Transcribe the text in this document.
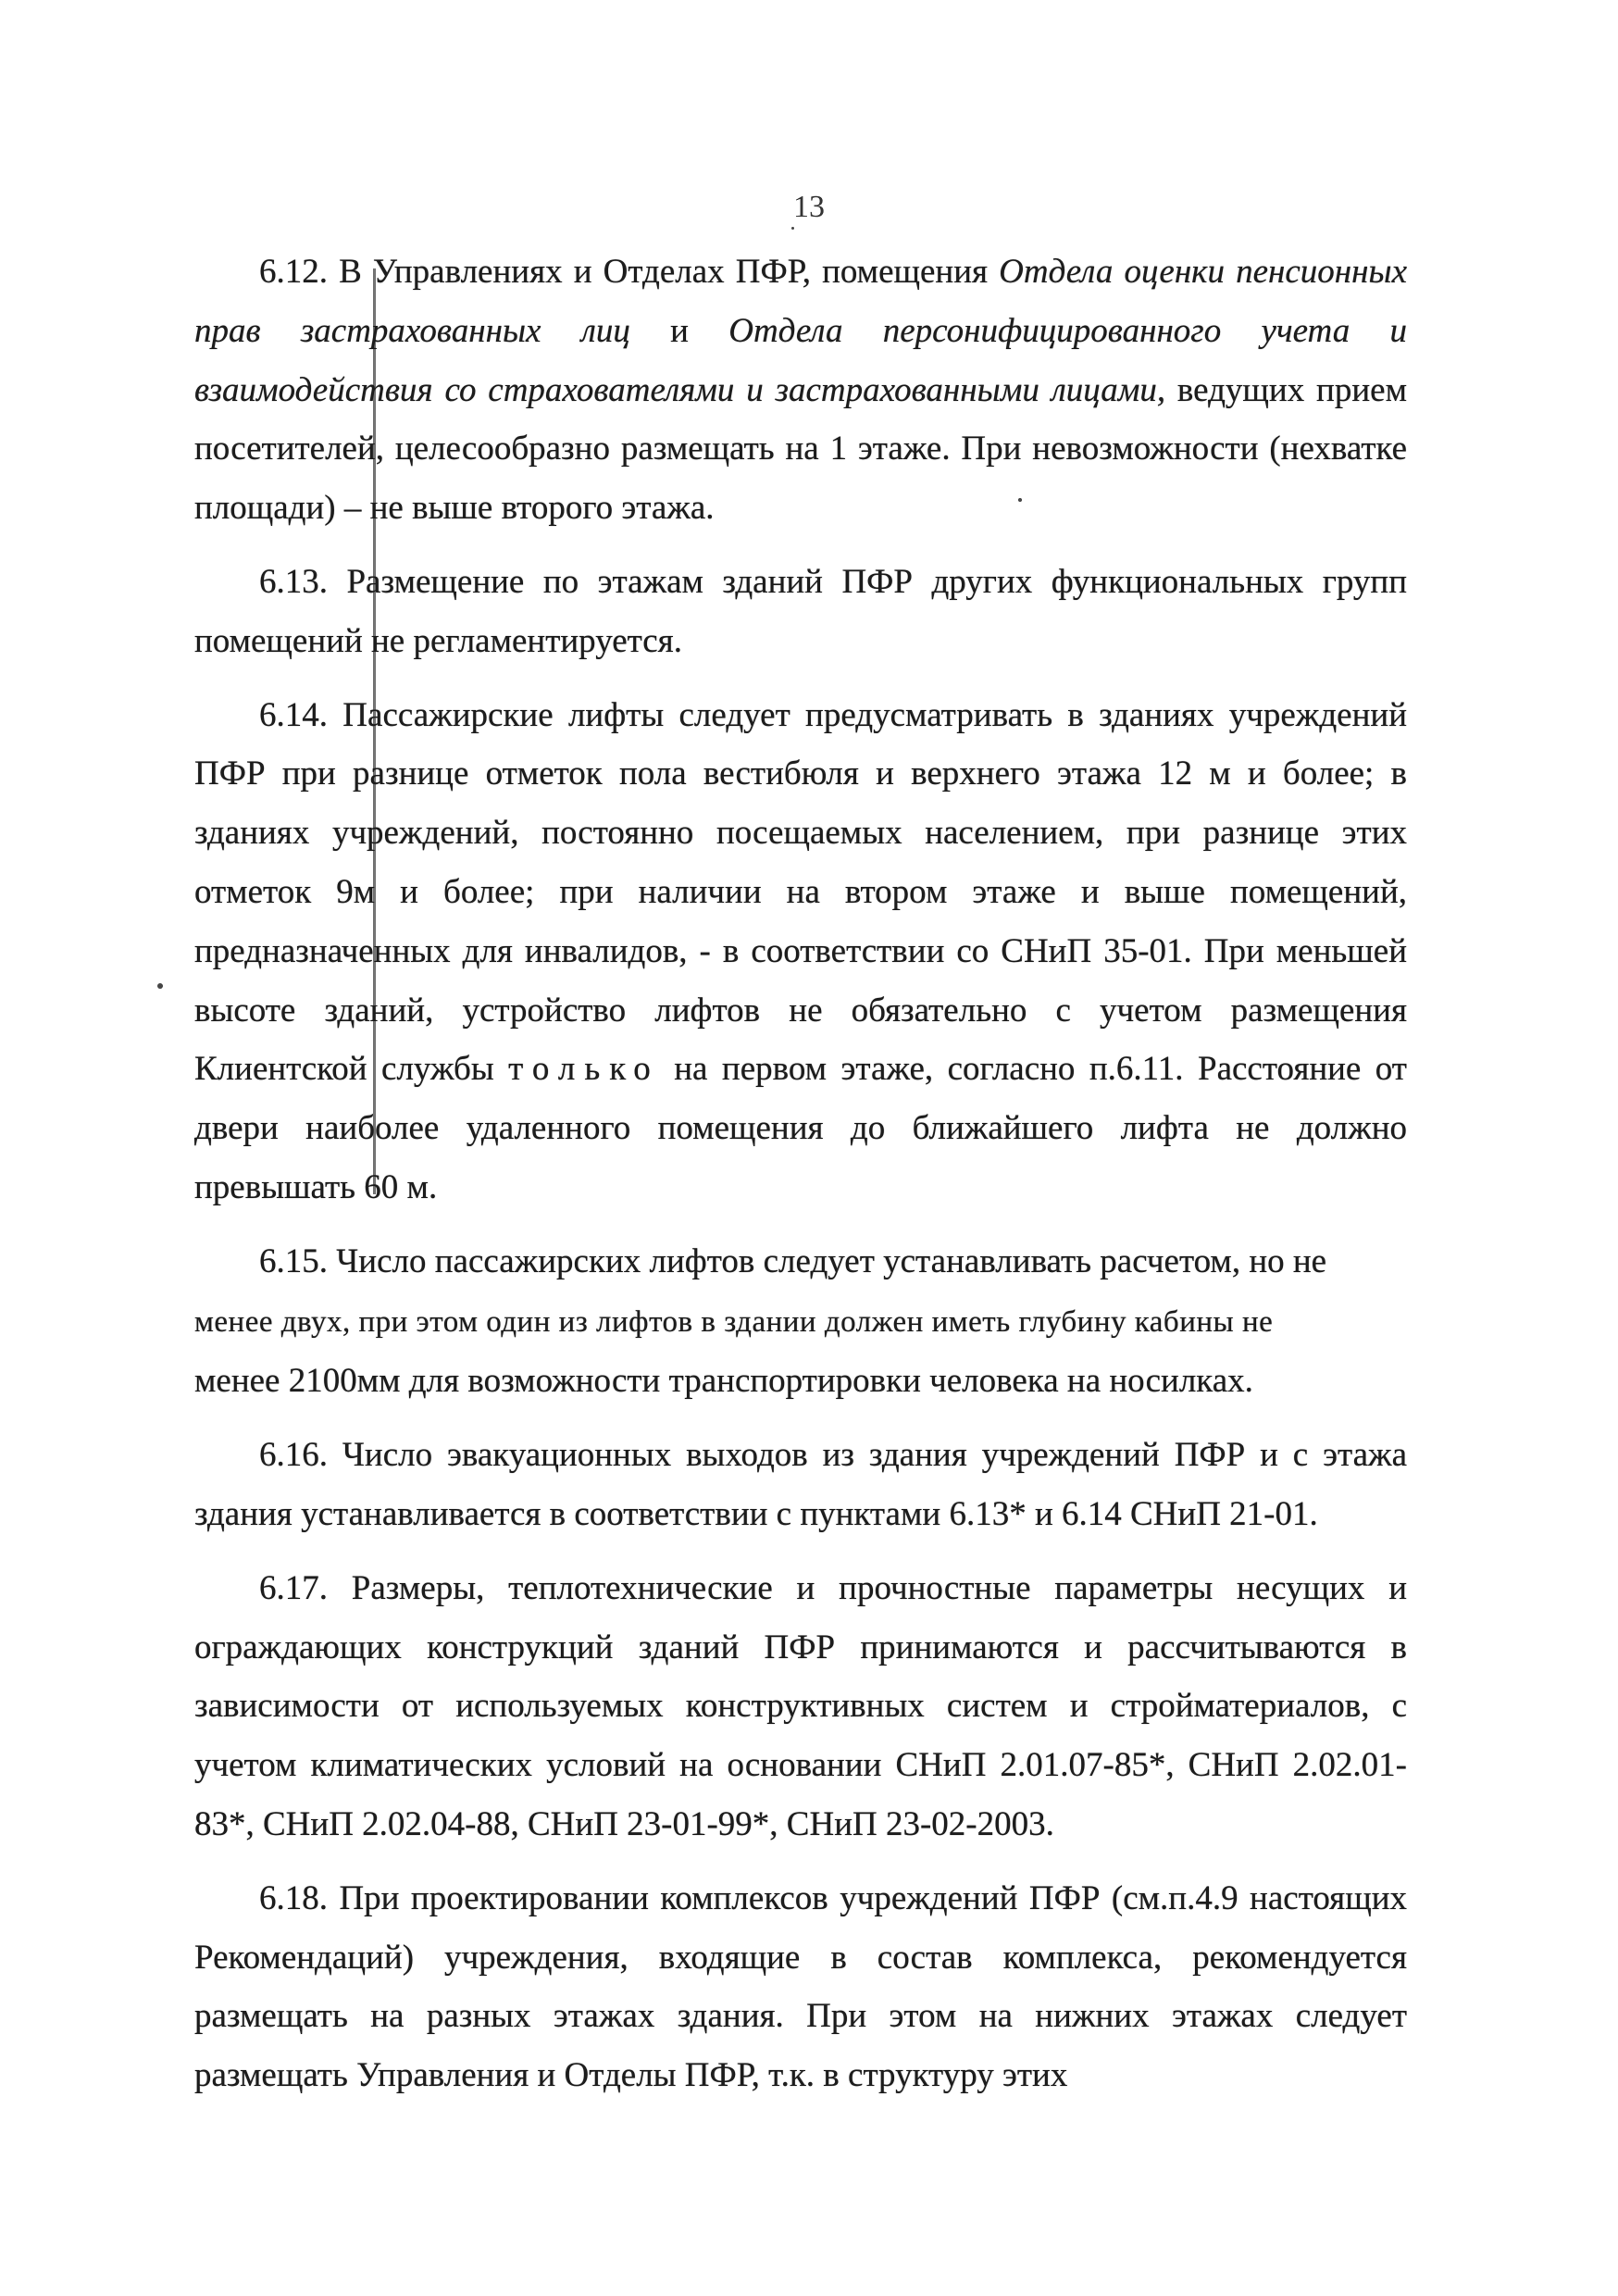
13

6.12. В Управлениях и Отделах ПФР, помещения Отдела оценки пенсионных прав застрахованных лиц и Отдела персонифицированного учета и взаимодействия со страхователями и застрахованными лицами, ведущих прием посетителей, целесообразно размещать на 1 этаже. При невозможности (нехватке площади) – не выше второго этажа.

6.13. Размещение по этажам зданий ПФР других функциональных групп помещений не регламентируется.

6.14. Пассажирские лифты следует предусматривать в зданиях учреждений ПФР при разнице отметок пола вестибюля и верхнего этажа 12 м и более; в зданиях учреждений, постоянно посещаемых населением, при разнице этих отметок 9м и более; при наличии на втором этаже и выше помещений, предназначенных для инвалидов, - в соответствии со СНиП 35-01. При меньшей высоте зданий, устройство лифтов не обязательно с учетом размещения Клиентской службы только на первом этаже, согласно п.6.11. Расстояние от двери наиболее удаленного помещения до ближайшего лифта не должно превышать 60 м.

6.15. Число пассажирских лифтов следует устанавливать расчетом, но не
менее двух, при этом один из лифтов в здании должен иметь глубину кабины не
менее 2100мм для возможности транспортировки человека на носилках.

6.16. Число эвакуационных выходов из здания учреждений ПФР и с этажа здания устанавливается в соответствии с пунктами 6.13* и 6.14 СНиП 21-01.

6.17. Размеры, теплотехнические и прочностные параметры несущих и ограждающих конструкций зданий ПФР принимаются и рассчитываются в зависимости от используемых конструктивных систем и стройматериалов, с учетом климатических условий на основании СНиП 2.01.07-85*, СНиП 2.02.01-83*, СНиП 2.02.04-88, СНиП 23-01-99*, СНиП 23-02-2003.

6.18. При проектировании комплексов учреждений ПФР (см.п.4.9 настоящих Рекомендаций) учреждения, входящие в состав комплекса, рекомендуется размещать на разных этажах здания. При этом на нижних этажах следует размещать Управления и Отделы ПФР, т.к. в структуру этих
